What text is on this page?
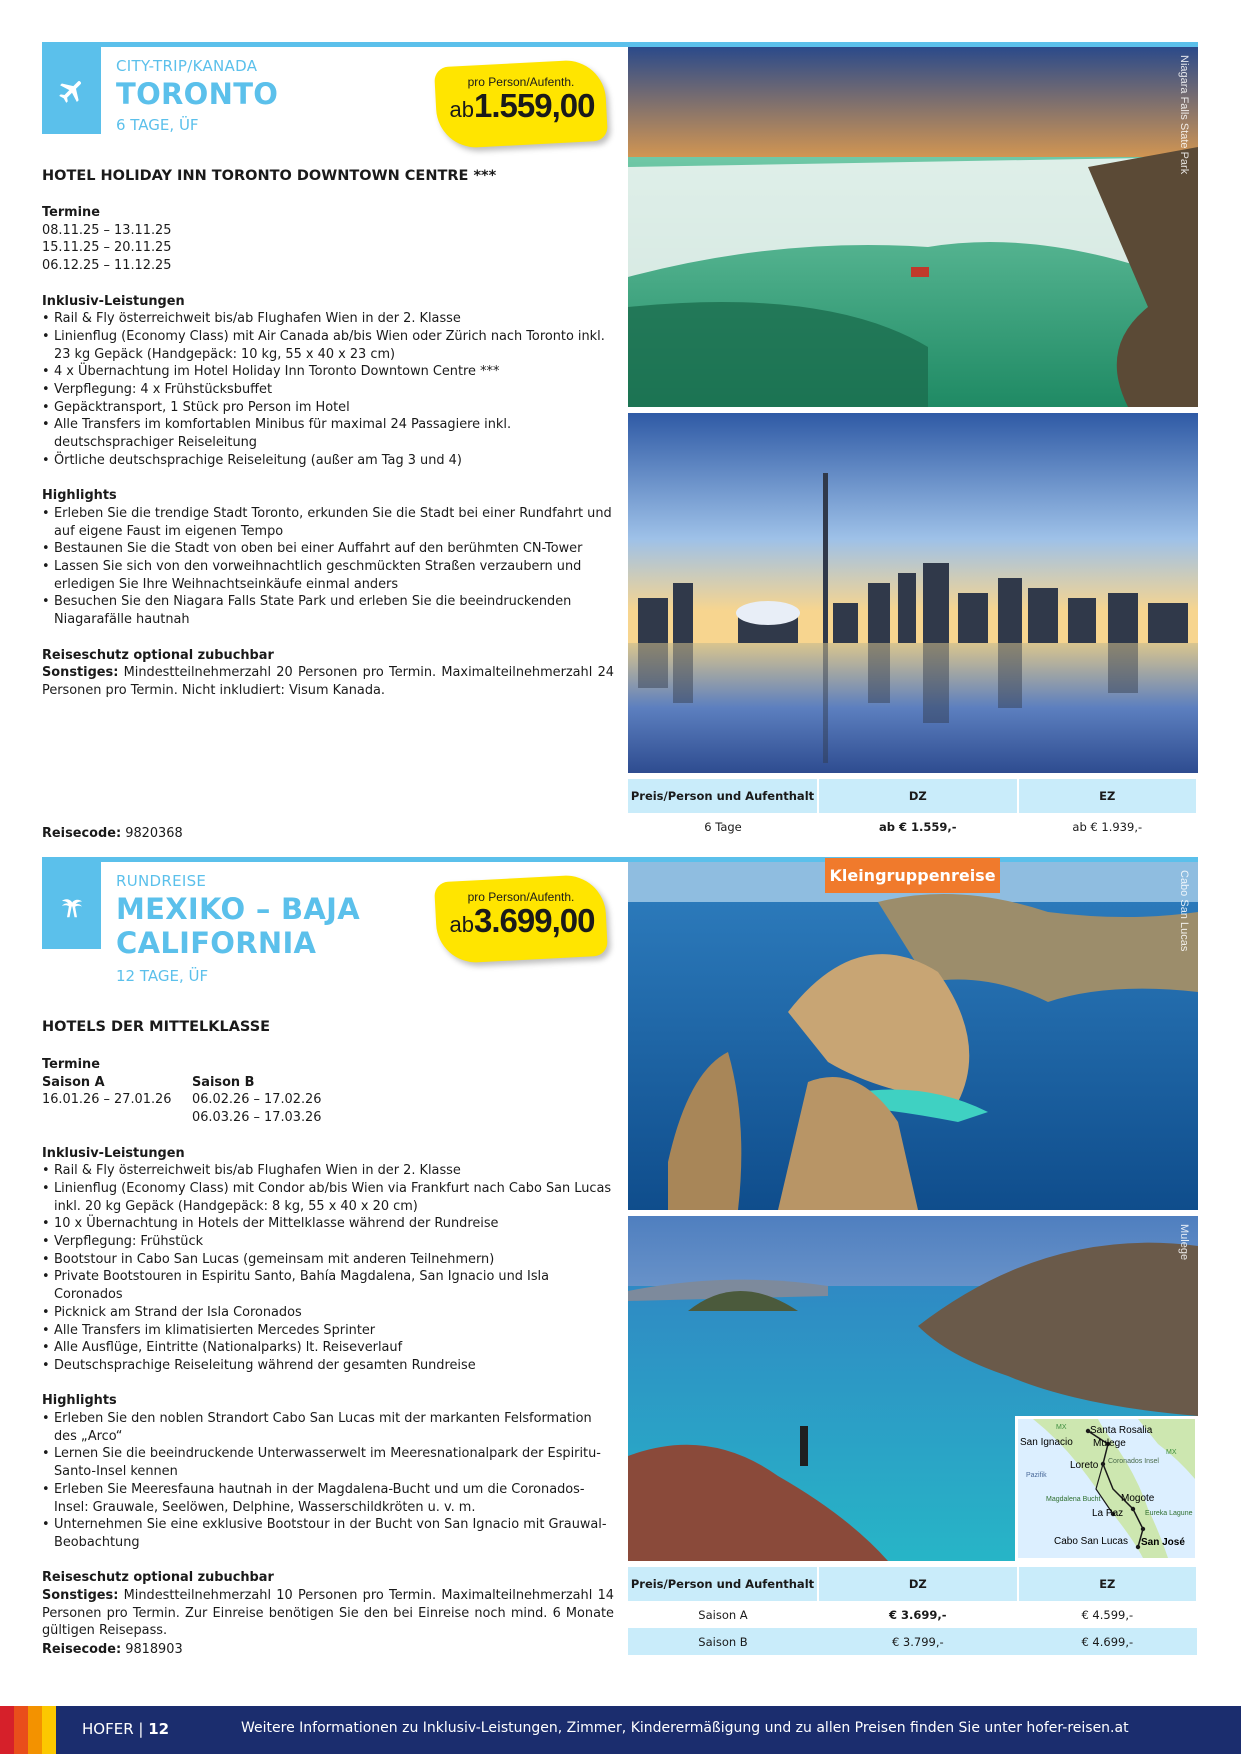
CITY-TRIP/KANADA
TORONTO
6 TAGE, ÜF
pro Person/Aufenth.
ab1.559,00
HOTEL HOLIDAY INN TORONTO DOWNTOWN CENTRE ***
Termine
08.11.25 – 13.11.25
15.11.25 – 20.11.25
06.12.25 – 11.12.25
Inklusiv-Leistungen
• Rail & Fly österreichweit bis/ab Flughafen Wien in der 2. Klasse
• Linienflug (Economy Class) mit Air Canada ab/bis Wien oder Zürich nach Toronto inkl. 23 kg Gepäck (Handgepäck: 10 kg, 55 x 40 x 23 cm)
• 4 x Übernachtung im Hotel Holiday Inn Toronto Downtown Centre ***
• Verpflegung: 4 x Frühstücksbuffet
• Gepäcktransport, 1 Stück pro Person im Hotel
• Alle Transfers im komfortablen Minibus für maximal 24 Passagiere inkl. deutschsprachiger Reiseleitung
• Örtliche deutschsprachige Reiseleitung (außer am Tag 3 und 4)
Highlights
• Erleben Sie die trendige Stadt Toronto, erkunden Sie die Stadt bei einer Rundfahrt und auf eigene Faust im eigenen Tempo
• Bestaunen Sie die Stadt von oben bei einer Auffahrt auf den berühmten CN-Tower
• Lassen Sie sich von den vorweihnachtlich geschmückten Straßen verzaubern und erledigen Sie Ihre Weihnachtseinkäufe einmal anders
• Besuchen Sie den Niagara Falls State Park und erleben Sie die beeindruckenden Niagarafälle hautnah
Reiseschutz optional zubuchbar

Sonstiges: Mindestteilnehmerzahl 20 Personen pro Termin. Maximalteilnehmerzahl 24 Personen pro Termin. Nicht inkludiert: Visum Kanada.

Reisecode: 9820368
Niagara Falls State Park
Preis/Person und Aufenthalt	DZ	EZ
6 Tage	ab € 1.559,-	ab € 1.939,-
RUNDREISE
MEXIKO – BAJA
CALIFORNIA
12 TAGE, ÜF
pro Person/Aufenth.
ab3.699,00
HOTELS DER MITTELKLASSE
Termine
Saison A
16.01.26 – 27.01.26
Saison B
06.02.26 – 17.02.26
06.03.26 – 17.03.26
Inklusiv-Leistungen
• Rail & Fly österreichweit bis/ab Flughafen Wien in der 2. Klasse
• Linienflug (Economy Class) mit Condor ab/bis Wien via Frankfurt nach Cabo San Lucas inkl. 20 kg Gepäck (Handgepäck: 8 kg, 55 x 40 x 20 cm)
• 10 x Übernachtung in Hotels der Mittelklasse während der Rundreise
• Verpflegung: Frühstück
• Bootstour in Cabo San Lucas (gemeinsam mit anderen Teilnehmern)
• Private Bootstouren in Espiritu Santo, Bahía Magdalena, San Ignacio und Isla Coronados
• Picknick am Strand der Isla Coronados
• Alle Transfers im klimatisierten Mercedes Sprinter
• Alle Ausflüge, Eintritte (Nationalparks) lt. Reiseverlauf
• Deutschsprachige Reiseleitung während der gesamten Rundreise
Highlights
• Erleben Sie den noblen Strandort Cabo San Lucas mit der markanten Felsformation des „Arco“
• Lernen Sie die beeindruckende Unterwasserwelt im Meeresnationalpark der Espiritu-Santo-Insel kennen
• Erleben Sie Meeresfauna hautnah in der Magdalena-Bucht und um die Coronados-Insel: Grauwale, Seelöwen, Delphine, Wasserschildkröten u. v. m.
• Unternehmen Sie eine exklusive Bootstour in der Bucht von San Ignacio mit Grauwal-Beobachtung
Reiseschutz optional zubuchbar

Sonstiges: Mindestteilnehmerzahl 10 Personen pro Termin. Maximalteilnehmerzahl 14 Personen pro Termin. Zur Einreise benötigen Sie den bei Einreise noch mind. 6 Monate gültigen Reisepass.

Reisecode: 9818903
Cabo San Lucas
Kleingruppenreise
Mulege
Santa Rosalia
San Ignacio Mulege
Loreto Coronados Insel
Pazifik
MX
MX
Magdalena Bucht Mogote
La Paz	Eureka Lagune
Cabo San Lucas San José
Preis/Person und Aufenthalt	DZ	EZ
Saison A	€ 3.699,-	€ 4.599,-
Saison B	€ 3.799,-	€ 4.699,-
HOFER | 12	Weitere Informationen zu Inklusiv-Leistungen, Zimmer, Kinderermäßigung und zu allen Preisen finden Sie unter hofer-reisen.at
